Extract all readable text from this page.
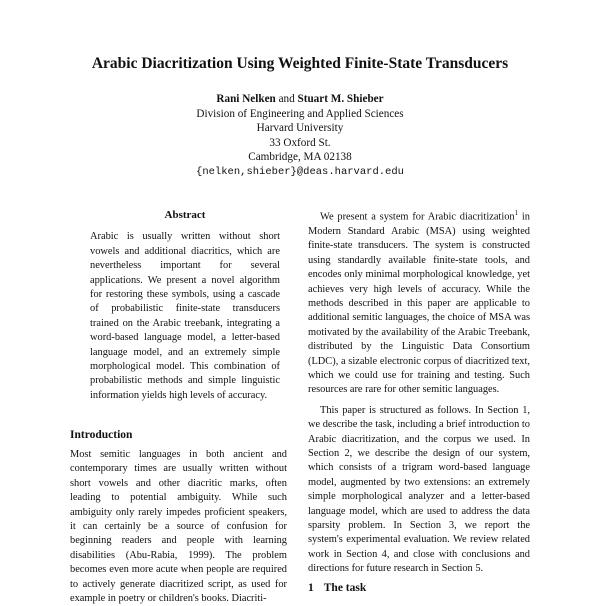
Arabic Diacritization Using Weighted Finite-State Transducers
Rani Nelken and Stuart M. Shieber
Division of Engineering and Applied Sciences
Harvard University
33 Oxford St.
Cambridge, MA 02138
{nelken,shieber}@deas.harvard.edu
Abstract

Arabic is usually written without short vowels and additional diacritics, which are nevertheless important for several applications. We present a novel algorithm for restoring these symbols, using a cascade of probabilistic finite-state transducers trained on the Arabic treebank, integrating a word-based language model, a letter-based language model, and an extremely simple morphological model. This combination of probabilistic methods and simple linguistic information yields high levels of accuracy.

Introduction

Most semitic languages in both ancient and contemporary times are usually written without short vowels and other diacritic marks, often leading to potential ambiguity. While such ambiguity only rarely impedes proficient speakers, it can certainly be a source of confusion for beginning readers and people with learning disabilities (Abu-Rabia, 1999). The problem becomes even more acute when people are required to actively generate diacritized script, as used for example in poetry or children's books. Diacriti-

We present a system for Arabic diacritization$^1$ in Modern Standard Arabic (MSA) using weighted finite-state transducers. The system is constructed using standardly available finite-state tools, and encodes only minimal morphological knowledge, yet achieves very high levels of accuracy. While the methods described in this paper are applicable to additional semitic languages, the choice of MSA was motivated by the availability of the Arabic Treebank, distributed by the Linguistic Data Consortium (LDC), a sizable electronic corpus of diacritized text, which we could use for training and testing. Such resources are rare for other semitic languages.

This paper is structured as follows. In Section 1, we describe the task, including a brief introduction to Arabic diacritization, and the corpus we used. In Section 2, we describe the design of our system, which consists of a trigram word-based language model, augmented by two extensions: an extremely simple morphological analyzer and a letter-based language model, which are used to address the data sparsity problem. In Section 3, we report the system's experimental evaluation. We review related work in Section 4, and close with conclusions and directions for future research in Section 5.

1 The task
